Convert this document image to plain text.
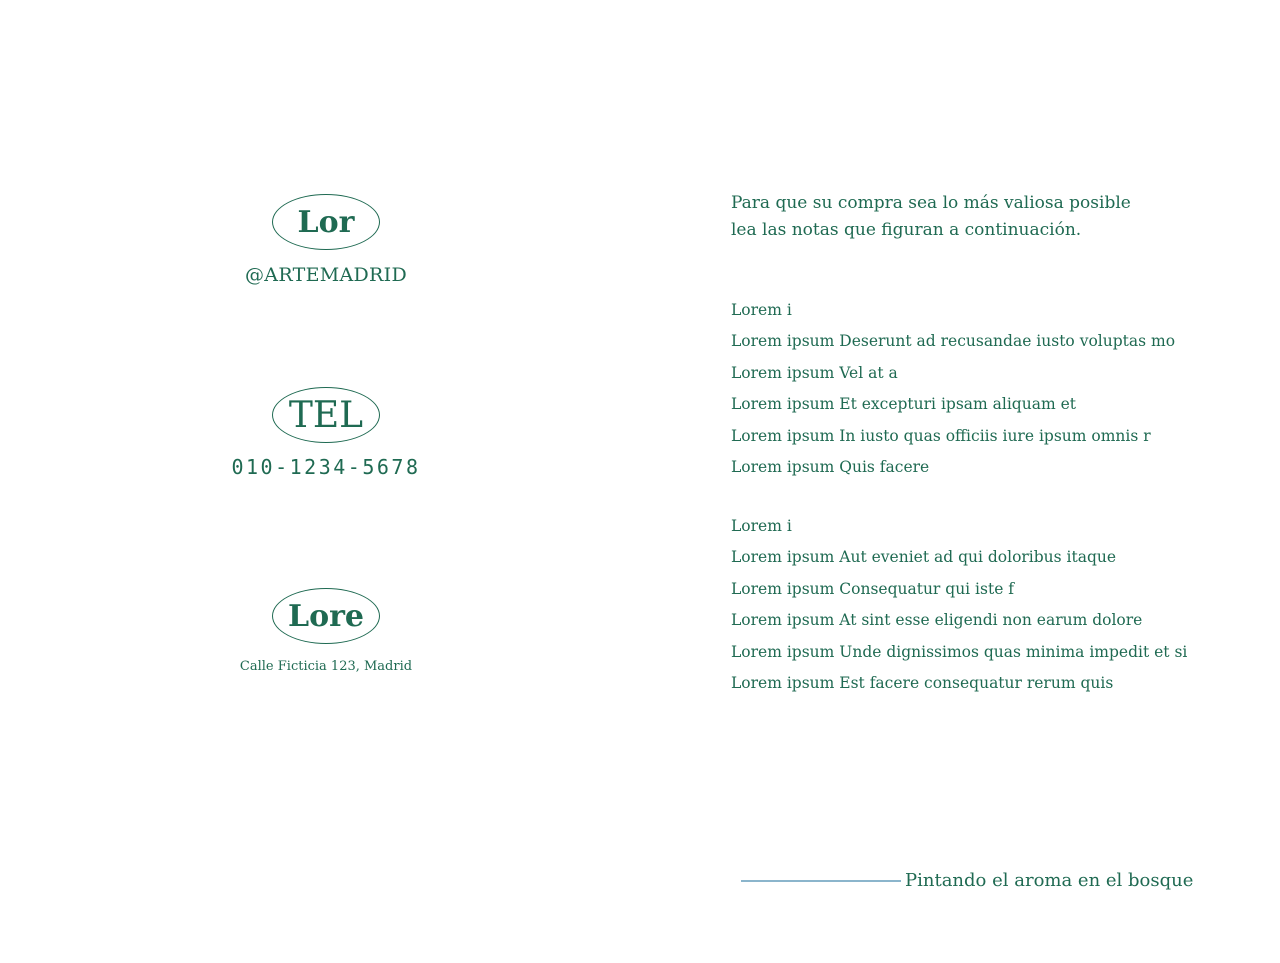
Lor
@ARTEMADRID
TEL
010-1234-5678
Lore
Calle Ficticia 123, Madrid
Para que su compra sea lo más valiosa posible
lea las notas que figuran a continuación.
Lorem i
Lorem ipsum Deserunt ad recusandae iusto voluptas mo
Lorem ipsum Vel at a
Lorem ipsum Et excepturi ipsam aliquam et
Lorem ipsum In iusto quas officiis iure ipsum omnis r
Lorem ipsum Quis facere
Lorem i
Lorem ipsum Aut eveniet ad qui doloribus itaque
Lorem ipsum Consequatur qui iste f
Lorem ipsum At sint esse eligendi non earum dolore
Lorem ipsum Unde dignissimos quas minima impedit et si
Lorem ipsum Est facere consequatur rerum quis
Pintando el aroma en el bosque
